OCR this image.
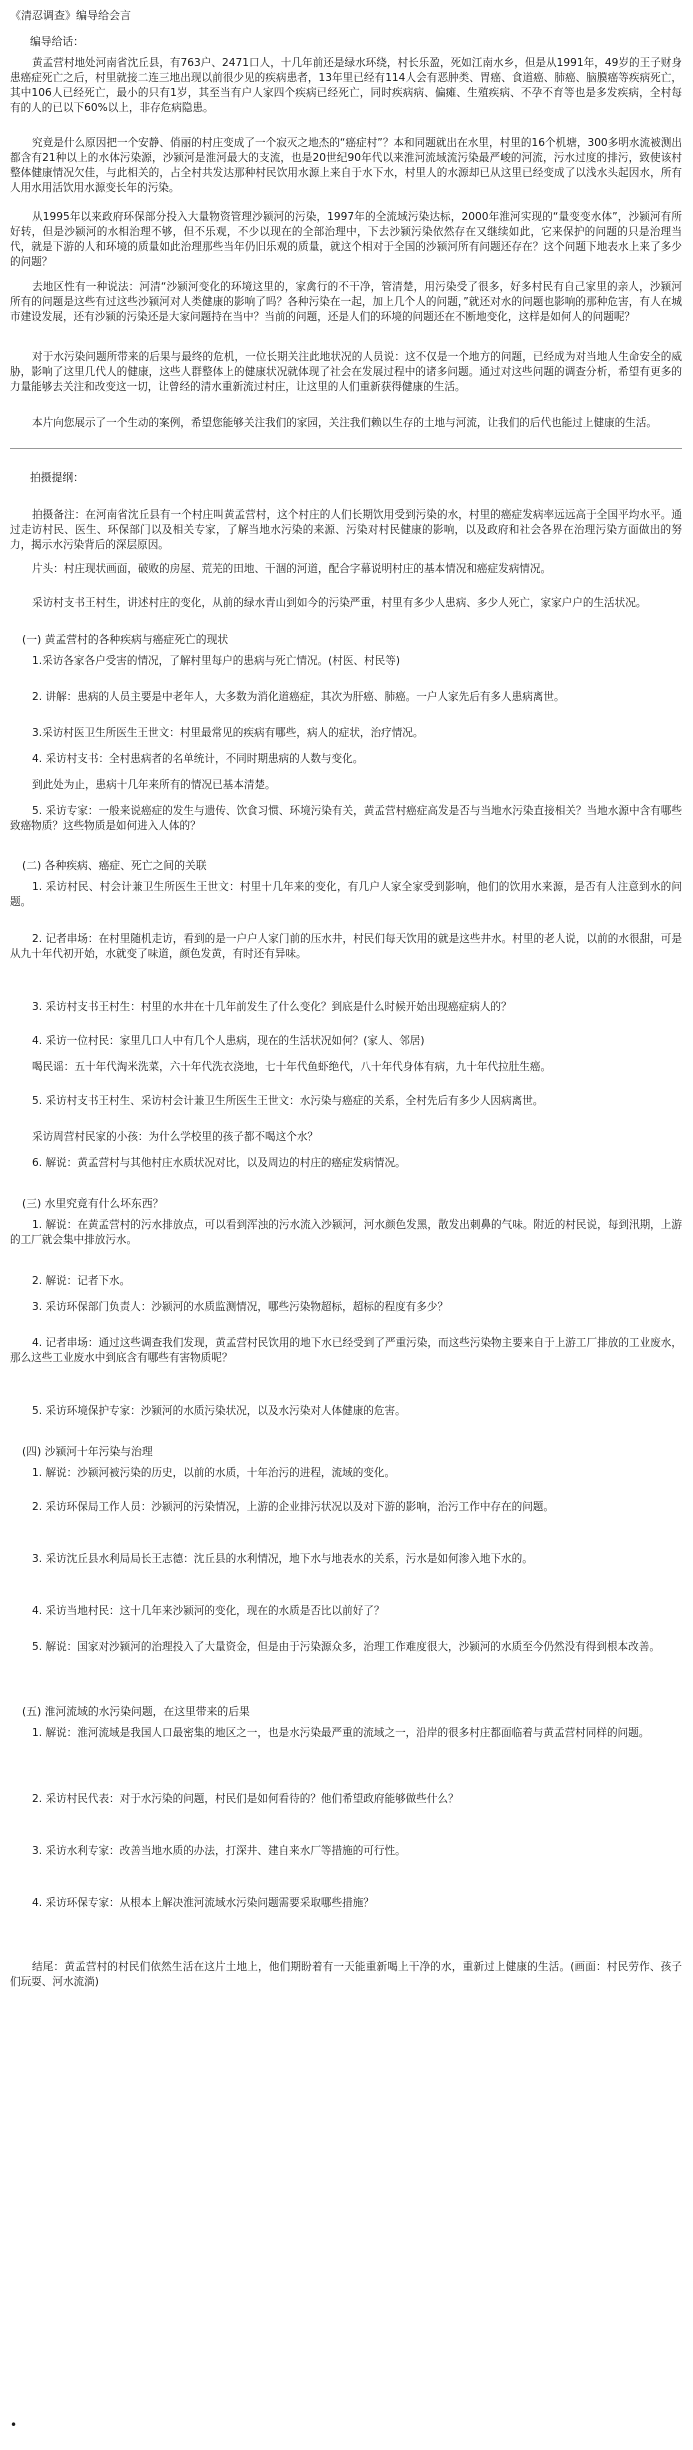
《清忍调查》编导给会言
编导给话：
黄孟营村地处河南省沈丘县，有763户、2471口人，十几年前还是绿水环绕，村长乐盈，死如江南水乡，但是从1991年，49岁的王子财身患癌症死亡之后，村里就接二连三地出现以前很少见的疾病患者，13年里已经有114人会有恶肿类、胃癌、食道癌、肺癌、脑膜癌等疾病死亡，其中106人已经死亡，最小的只有1岁，其至当有户人家四个疾病已经死亡，同时疾病病、偏瘫、生殖疾病、不孕不育等也是多发疾病，全村每有的人的已以下60%以上，非存危病隐患。
究竟是什么原因把一个安静、俏丽的村庄变成了一个寂灭之地杰的“癌症村”？本和同题就出在水里，村里的16个机塘，300多明水流被测出都含有21种以上的水体污染源，沙颍河是淮河最大的支流，也是20世纪90年代以来淮河流域流污染最严峻的河流，污水过度的排污，致使该村整体健康情况欠佳，与此相关的，占全村共发达那种村民饮用水源上来自于水下水，村里人的水源却已从这里已经变成了以浅水头起因水，所有人用水用活饮用水源变长年的污染。
从1995年以来政府环保部分投入大量物资管理沙颍河的污染，1997年的全流域污染达标，2000年淮河实现的“量变变水体”，沙颍河有所好转，但是沙颍河的水相治理不够，但不乐观，不少以现在的全部治理中，下去沙颍污染依然存在又继续如此，它来保护的问题的只是治理当代，就是下游的人和环境的质量如此治理那些当年仍旧乐观的质量，就这个相对于全国的沙颍河所有问题还存在？这个问题下地表水上来了多少的问题？
去地区性有一种说法：河清“沙颍河变化的环境这里的，家禽行的不干净，管清楚，用污染受了很多，好多村民有自己家里的亲人，沙颍河所有的问题是这些有过这些沙颍河对人类健康的影响了吗？各种污染在一起，加上几个人的问题，”就还对水的问题也影响的那种危害，有人在城市建设发展，还有沙颍的污染还是大家问题持在当中？当前的问题，还是人们的环境的问题还在不断地变化，这样是如何人的问题呢？
对于水污染问题所带来的后果与最终的危机，一位长期关注此地状况的人员说：这不仅是一个地方的问题，已经成为对当地人生命安全的威胁，影响了这里几代人的健康，这些人群整体上的健康状况就体现了社会在发展过程中的诸多问题。通过对这些问题的调查分析，希望有更多的力量能够去关注和改变这一切，让曾经的清水重新流过村庄，让这里的人们重新获得健康的生活。
本片向您展示了一个生动的案例，希望您能够关注我们的家园，关注我们赖以生存的土地与河流，让我们的后代也能过上健康的生活。
拍摄提纲：
拍摄备注：在河南省沈丘县有一个村庄叫黄孟营村，这个村庄的人们长期饮用受到污染的水，村里的癌症发病率远远高于全国平均水平。通过走访村民、医生、环保部门以及相关专家，了解当地水污染的来源、污染对村民健康的影响，以及政府和社会各界在治理污染方面做出的努力，揭示水污染背后的深层原因。
片头：村庄现状画面，破败的房屋、荒芜的田地、干涸的河道，配合字幕说明村庄的基本情况和癌症发病情况。
采访村支书王村生，讲述村庄的变化，从前的绿水青山到如今的污染严重，村里有多少人患病、多少人死亡，家家户户的生活状况。
(一) 黄孟营村的各种疾病与癌症死亡的现状
1.采访各家各户受害的情况，了解村里每户的患病与死亡情况。(村医、村民等)
2. 讲解：患病的人员主要是中老年人，大多数为消化道癌症，其次为肝癌、肺癌。一户人家先后有多人患病离世。
3.采访村医卫生所医生王世文：村里最常见的疾病有哪些，病人的症状，治疗情况。
4. 采访村支书：全村患病者的名单统计，不同时期患病的人数与变化。
到此处为止，患病十几年来所有的情况已基本清楚。
5. 采访专家：一般来说癌症的发生与遗传、饮食习惯、环境污染有关，黄孟营村癌症高发是否与当地水污染直接相关？当地水源中含有哪些致癌物质？这些物质是如何进入人体的？
(二) 各种疾病、癌症、死亡之间的关联
1. 采访村民、村会计兼卫生所医生王世文：村里十几年来的变化，有几户人家全家受到影响，他们的饮用水来源，是否有人注意到水的问题。
2. 记者串场：在村里随机走访，看到的是一户户人家门前的压水井，村民们每天饮用的就是这些井水。村里的老人说，以前的水很甜，可是从九十年代初开始，水就变了味道，颜色发黄，有时还有异味。
3. 采访村支书王村生：村里的水井在十几年前发生了什么变化？到底是什么时候开始出现癌症病人的？
4. 采访一位村民：家里几口人中有几个人患病，现在的生活状况如何？(家人、邻居)
喝民谣：五十年代淘米洗菜，六十年代洗衣浇地，七十年代鱼虾绝代，八十年代身体有病，九十年代拉肚生癌。
5. 采访村支书王村生、采访村会计兼卫生所医生王世文：水污染与癌症的关系，全村先后有多少人因病离世。
采访周营村民家的小孩：为什么学校里的孩子都不喝这个水？
6. 解说：黄孟营村与其他村庄水质状况对比，以及周边的村庄的癌症发病情况。
(三) 水里究竟有什么坏东西？
1. 解说：在黄孟营村的污水排放点，可以看到浑浊的污水流入沙颍河，河水颜色发黑，散发出刺鼻的气味。附近的村民说，每到汛期，上游的工厂就会集中排放污水。
2. 解说：记者下水。
3. 采访环保部门负责人：沙颍河的水质监测情况，哪些污染物超标，超标的程度有多少？
4. 记者串场：通过这些调查我们发现，黄孟营村民饮用的地下水已经受到了严重污染，而这些污染物主要来自于上游工厂排放的工业废水，那么这些工业废水中到底含有哪些有害物质呢？
5. 采访环境保护专家：沙颍河的水质污染状况，以及水污染对人体健康的危害。
(四) 沙颍河十年污染与治理
1. 解说：沙颍河被污染的历史，以前的水质，十年治污的进程，流域的变化。
2. 采访环保局工作人员：沙颍河的污染情况，上游的企业排污状况以及对下游的影响，治污工作中存在的问题。
3. 采访沈丘县水利局局长王志德：沈丘县的水利情况，地下水与地表水的关系，污水是如何渗入地下水的。
4. 采访当地村民：这十几年来沙颍河的变化，现在的水质是否比以前好了？
5. 解说：国家对沙颍河的治理投入了大量资金，但是由于污染源众多，治理工作难度很大，沙颍河的水质至今仍然没有得到根本改善。
(五) 淮河流域的水污染问题，在这里带来的后果
1. 解说：淮河流域是我国人口最密集的地区之一，也是水污染最严重的流域之一，沿岸的很多村庄都面临着与黄孟营村同样的问题。
2. 采访村民代表：对于水污染的问题，村民们是如何看待的？他们希望政府能够做些什么？
3. 采访水利专家：改善当地水质的办法，打深井、建自来水厂等措施的可行性。
4. 采访环保专家：从根本上解决淮河流域水污染问题需要采取哪些措施？
结尾：黄孟营村的村民们依然生活在这片土地上，他们期盼着有一天能重新喝上干净的水，重新过上健康的生活。(画面：村民劳作、孩子们玩耍、河水流淌)
•
